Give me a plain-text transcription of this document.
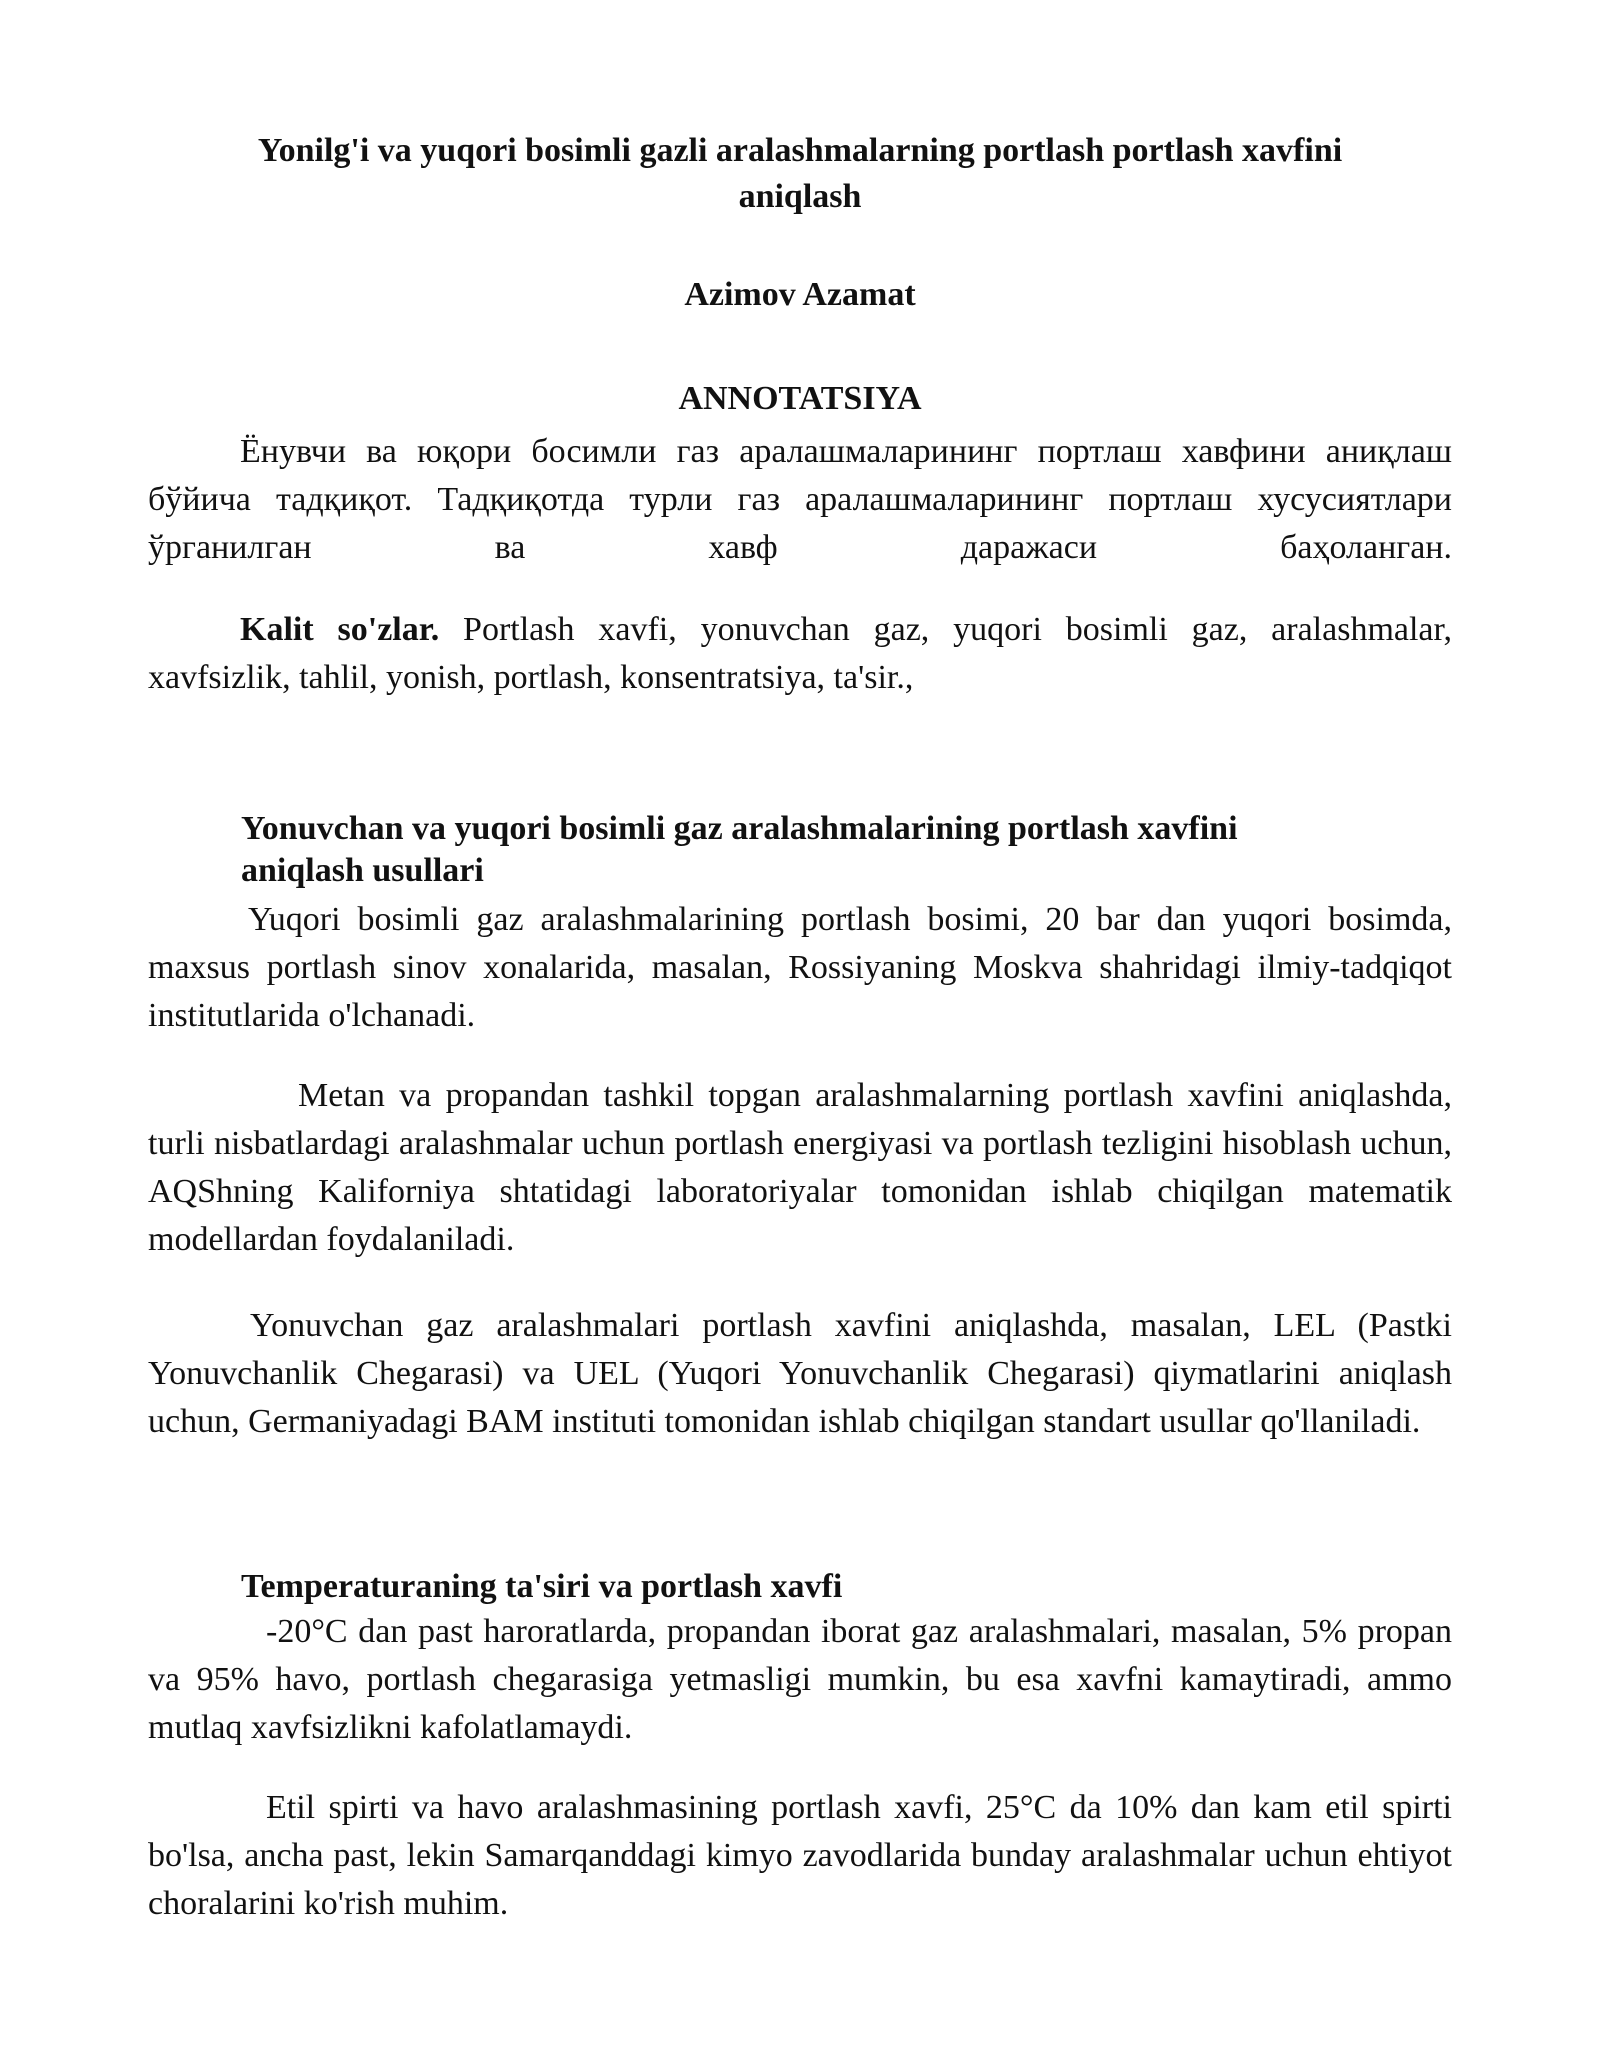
Yonilg'i va yuqori bosimli gazli aralashmalarning portlash portlash xavfini aniqlash
Azimov Azamat
ANNOTATSIYA
Ёнувчи ва юқори босимли газ аралашмаларининг портлаш хавфини аниқлаш бўйича тадқиқот. Тадқиқотда турли газ аралашмаларининг портлаш хусусиятлари ўрганилган ва хавф даражаси баҳоланган.
Kalit so'zlar. Portlash xavfi, yonuvchan gaz, yuqori bosimli gaz, aralashmalar, xavfsizlik, tahlil, yonish, portlash, konsentratsiya, ta'sir.,
Yonuvchan va yuqori bosimli gaz aralashmalarining portlash xavfini aniqlash usullari
Yuqori bosimli gaz aralashmalarining portlash bosimi, 20 bar dan yuqori bosimda, maxsus portlash sinov xonalarida, masalan, Rossiyaning Moskva shahridagi ilmiy-tadqiqot institutlarida o'lchanadi.
Metan va propandan tashkil topgan aralashmalarning portlash xavfini aniqlashda, turli nisbatlardagi aralashmalar uchun portlash energiyasi va portlash tezligini hisoblash uchun, AQShning Kaliforniya shtatidagi laboratoriyalar tomonidan ishlab chiqilgan matematik modellardan foydalaniladi.
Yonuvchan gaz aralashmalari portlash xavfini aniqlashda, masalan, LEL (Pastki Yonuvchanlik Chegarasi) va UEL (Yuqori Yonuvchanlik Chegarasi) qiymatlarini aniqlash uchun, Germaniyadagi BAM instituti tomonidan ishlab chiqilgan standart usullar qo'llaniladi.
Temperaturaning ta'siri va portlash xavfi
-20°C dan past haroratlarda, propandan iborat gaz aralashmalari, masalan, 5% propan va 95% havo, portlash chegarasiga yetmasligi mumkin, bu esa xavfni kamaytiradi, ammo mutlaq xavfsizlikni kafolatlamaydi.
Etil spirti va havo aralashmasining portlash xavfi, 25°C da 10% dan kam etil spirti bo'lsa, ancha past, lekin Samarqanddagi kimyo zavodlarida bunday aralashmalar uchun ehtiyot choralarini ko'rish muhim.
